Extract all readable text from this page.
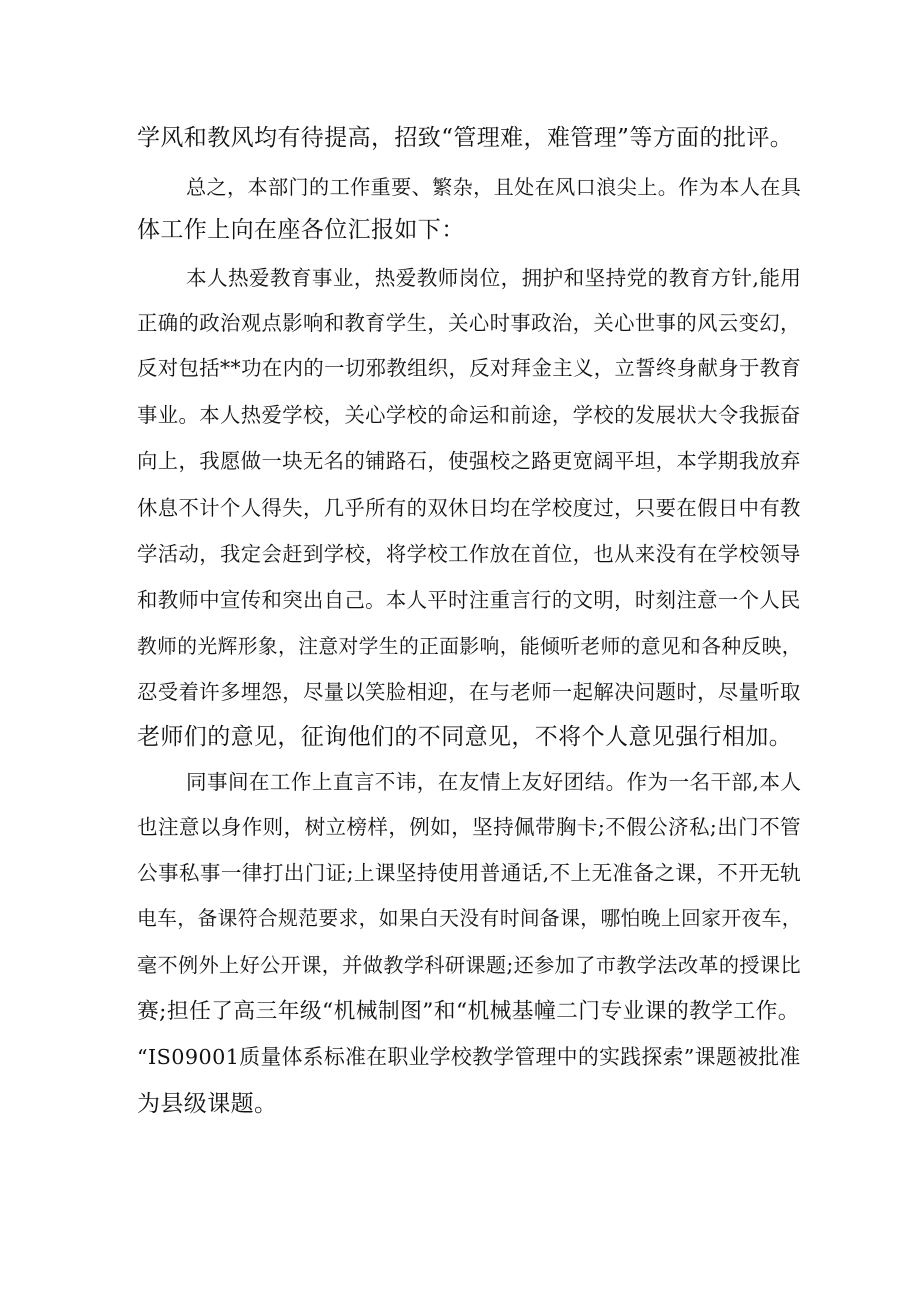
学风和教风均有待提高，招致“管理难，难管理”等方面的批评。
总之，本部门的工作重要、繁杂，且处在风口浪尖上。作为本人在具
体工作上向在座各位汇报如下：
本人热爱教育事业，热爱教师岗位，拥护和坚持党的教育方针,能用
正确的政治观点影响和教育学生，关心时事政治，关心世事的风云变幻，
反对包括**功在内的一切邪教组织，反对拜金主义，立誓终身献身于教育
事业。本人热爱学校，关心学校的命运和前途，学校的发展状大令我振奋
向上，我愿做一块无名的铺路石，使强校之路更宽阔平坦，本学期我放弃
休息不计个人得失，几乎所有的双休日均在学校度过，只要在假日中有教
学活动，我定会赶到学校，将学校工作放在首位，也从来没有在学校领导
和教师中宣传和突出自己。本人平时注重言行的文明，时刻注意一个人民
教师的光辉形象，注意对学生的正面影响，能倾听老师的意见和各种反映，
忍受着许多埋怨，尽量以笑脸相迎，在与老师一起解决问题时，尽量听取
老师们的意见，征询他们的不同意见，不将个人意见强行相加。
同事间在工作上直言不讳，在友情上友好团结。作为一名干部,本人
也注意以身作则，树立榜样，例如，坚持佩带胸卡;不假公济私;出门不管
公事私事一律打出门证;上课坚持使用普通话,不上无准备之课，不开无轨
电车，备课符合规范要求，如果白天没有时间备课，哪怕晚上回家开夜车，
毫不例外上好公开课，并做教学科研课题;还参加了市教学法改革的授课比
赛;担任了高三年级“机械制图”和“机械基幢二门专业课的教学工作。
“IS09001质量体系标准在职业学校教学管理中的实践探索”课题被批准
为县级课题。
